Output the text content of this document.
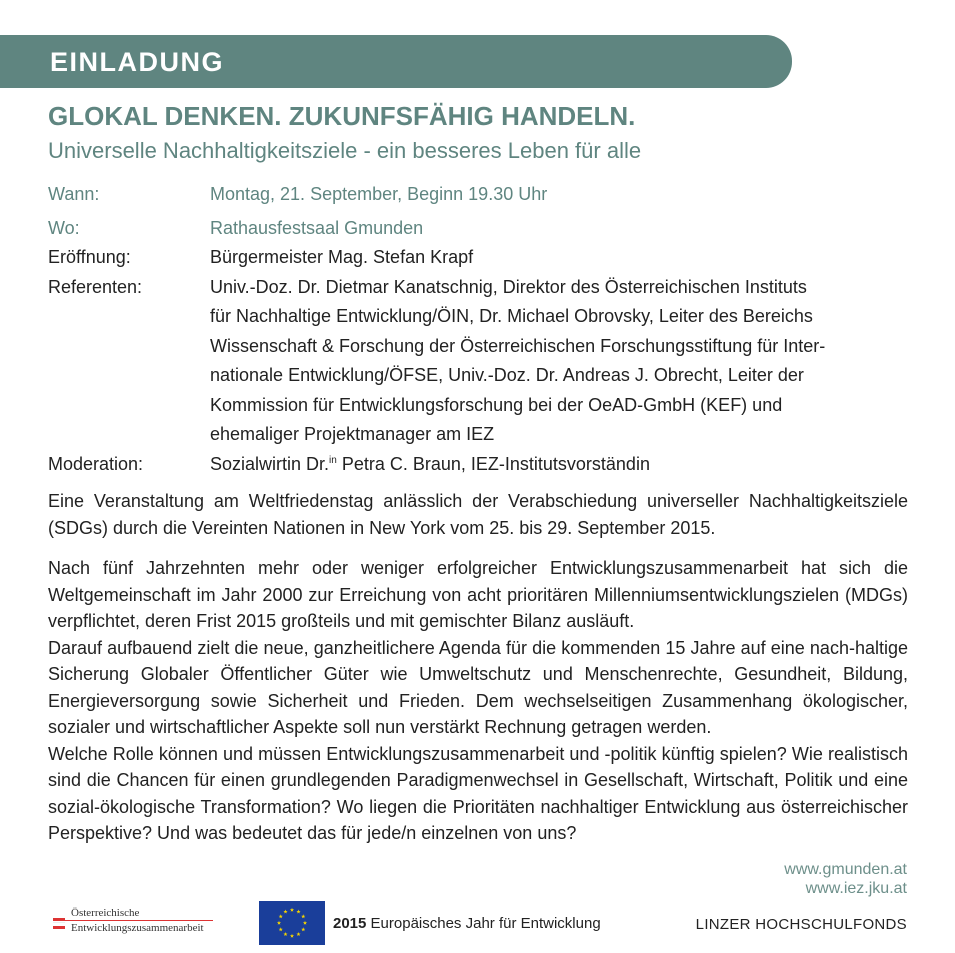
EINLADUNG
GLOKAL DENKEN. ZUKUNFSFÄHIG HANDELN.
Universelle Nachhaltigkeitsziele - ein besseres Leben für alle
Wann:	Montag, 21. September, Beginn 19.30 Uhr
Wo:	Rathausfestsaal Gmunden
Eröffnung:	Bürgermeister Mag. Stefan Krapf
Referenten:	Univ.-Doz. Dr. Dietmar Kanatschnig, Direktor des Österreichischen Instituts
für Nachhaltige Entwicklung/ÖIN, Dr. Michael Obrovsky, Leiter des Bereichs
Wissenschaft & Forschung der Österreichischen Forschungsstiftung für Inter-
nationale Entwicklung/ÖFSE, Univ.-Doz. Dr. Andreas J. Obrecht, Leiter der
Kommission für Entwicklungsforschung bei der OeAD-GmbH (KEF) und
ehemaliger Projektmanager am IEZ
Moderation:	Sozialwirtin Dr.$^{in}$ Petra C. Braun, IEZ-Institutsvorständin

Eine Veranstaltung am Weltfriedenstag anlässlich der Verabschiedung universeller Nachhaltigkeitsziele (SDGs) durch die Vereinten Nationen in New York vom 25. bis 29. September 2015.

Nach fünf Jahrzehnten mehr oder weniger erfolgreicher Entwicklungszusammenarbeit hat sich die Weltgemeinschaft im Jahr 2000 zur Erreichung von acht prioritären Millenniumsentwicklungszielen (MDGs) verpflichtet, deren Frist 2015 großteils und mit gemischter Bilanz ausläuft.

Darauf aufbauend zielt die neue, ganzheitlichere Agenda für die kommenden 15 Jahre auf eine nach-haltige Sicherung Globaler Öffentlicher Güter wie Umweltschutz und Menschenrechte, Gesundheit, Bildung, Energieversorgung sowie Sicherheit und Frieden. Dem wechselseitigen Zusammenhang ökologischer, sozialer und wirtschaftlicher Aspekte soll nun verstärkt Rechnung getragen werden.

Welche Rolle können und müssen Entwicklungszusammenarbeit und -politik künftig spielen? Wie realistisch sind die Chancen für einen grundlegenden Paradigmenwechsel in Gesellschaft, Wirtschaft, Politik und eine sozial-ökologische Transformation? Wo liegen die Prioritäten nachhaltiger Entwicklung aus österreichischer Perspektive? Und was bedeutet das für jede/n einzelnen von uns?

www.gmunden.at
www.iez.jku.at
Österreichische
Entwicklungszusammenarbeit	2015 Europäisches Jahr für Entwicklung	LINZER HOCHSCHULFONDS
